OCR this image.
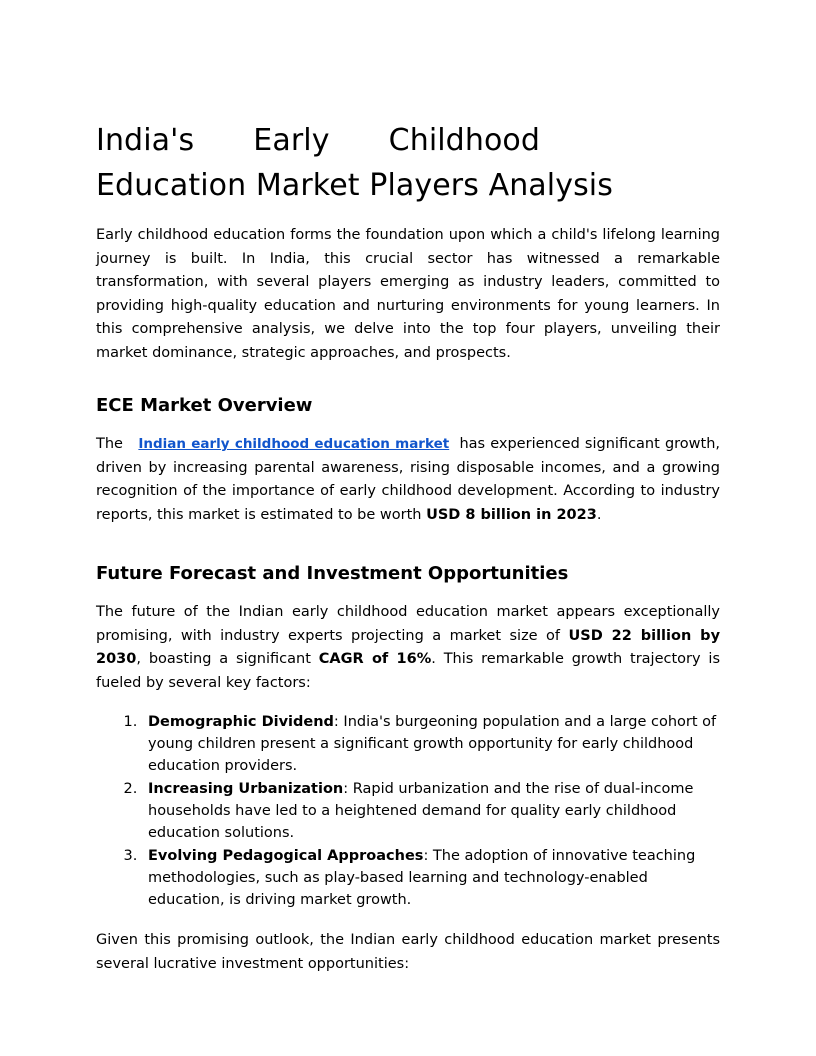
India's Early Childhood
Education Market Players Analysis

Early childhood education forms the foundation upon which a child's lifelong learning journey is built. In India, this crucial sector has witnessed a remarkable transformation, with several players emerging as industry leaders, committed to providing high-quality education and nurturing environments for young learners. In this comprehensive analysis, we delve into the top four players, unveiling their market dominance, strategic approaches, and prospects.

ECE Market Overview

The Indian early childhood education market has experienced significant growth, driven by increasing parental awareness, rising disposable incomes, and a growing recognition of the importance of early childhood development. According to industry reports, this market is estimated to be worth USD 8 billion in 2023.

Future Forecast and Investment Opportunities

The future of the Indian early childhood education market appears exceptionally promising, with industry experts projecting a market size of USD 22 billion by 2030, boasting a significant CAGR of 16%. This remarkable growth trajectory is fueled by several key factors:

1. Demographic Dividend: India's burgeoning population and a large cohort of young children present a significant growth opportunity for early childhood education providers.
2. Increasing Urbanization: Rapid urbanization and the rise of dual-income households have led to a heightened demand for quality early childhood education solutions.
3. Evolving Pedagogical Approaches: The adoption of innovative teaching methodologies, such as play-based learning and technology-enabled education, is driving market growth.

Given this promising outlook, the Indian early childhood education market presents several lucrative investment opportunities:
